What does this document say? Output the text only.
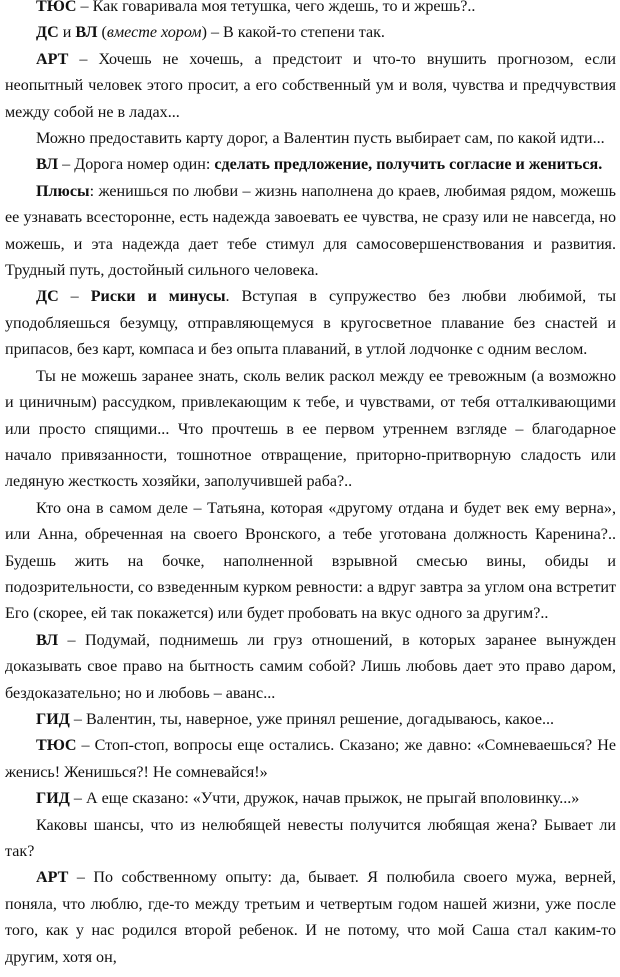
ТЮС – Как говаривала моя тетушка, чего ждешь, то и жрешь?..

ДС и ВЛ (вместе хором) – В какой-то степени так.

АРТ – Хочешь не хочешь, а предстоит и что-то внушить прогнозом, если неопытный человек этого просит, а его собственный ум и воля, чувства и предчувствия между собой не в ладах...

Можно предоставить карту дорог, а Валентин пусть выбирает сам, по какой идти...

ВЛ – Дорога номер один: сделать предложение, получить согласие и жениться.

Плюсы: женишься по любви – жизнь наполнена до краев, любимая рядом, можешь ее узнавать всесторонне, есть надежда завоевать ее чувства, не сразу или не навсегда, но можешь, и эта надежда дает тебе стимул для самосовершенствования и развития. Трудный путь, достойный сильного человека.

ДС – Риски и минусы. Вступая в супружество без любви любимой, ты уподобляешься безумцу, отправляющемуся в кругосветное плавание без снастей и припасов, без карт, компаса и без опыта плаваний, в утлой лодчонке с одним веслом.

Ты не можешь заранее знать, сколь велик раскол между ее тревожным (а возможно и циничным) рассудком, привлекающим к тебе, и чувствами, от тебя отталкивающими или просто спящими... Что прочтешь в ее первом утреннем взгляде – благодарное начало привязанности, тошнотное отвращение, приторно-притворную сладость или ледяную жесткость хозяйки, заполучившей раба?..

Кто она в самом деле – Татьяна, которая «другому отдана и будет век ему верна», или Анна, обреченная на своего Вронского, а тебе уготована должность Каренина?.. Будешь жить на бочке, наполненной взрывной смесью вины, обиды и подозрительности, со взведенным курком ревности: а вдруг завтра за углом она встретит Его (скорее, ей так покажется) или будет пробовать на вкус одного за другим?..

ВЛ – Подумай, поднимешь ли груз отношений, в которых заранее вынужден доказывать свое право на бытность самим собой? Лишь любовь дает это право даром, бездоказательно; но и любовь – аванс...

ГИД – Валентин, ты, наверное, уже принял решение, догадываюсь, какое...

ТЮС – Стоп-стоп, вопросы еще остались. Сказано; же давно: «Сомневаешься? Не женись! Женишься?! Не сомневайся!»

ГИД – А еще сказано: «Учти, дружок, начав прыжок, не прыгай вполовинку...»

Каковы шансы, что из нелюбящей невесты получится любящая жена? Бывает ли так?

АРТ – По собственному опыту: да, бывает. Я полюбила своего мужа, верней, поняла, что люблю, где-то между третьим и четвертым годом нашей жизни, уже после того, как у нас родился второй ребенок. И не потому, что мой Саша стал каким-то другим, хотя он,
